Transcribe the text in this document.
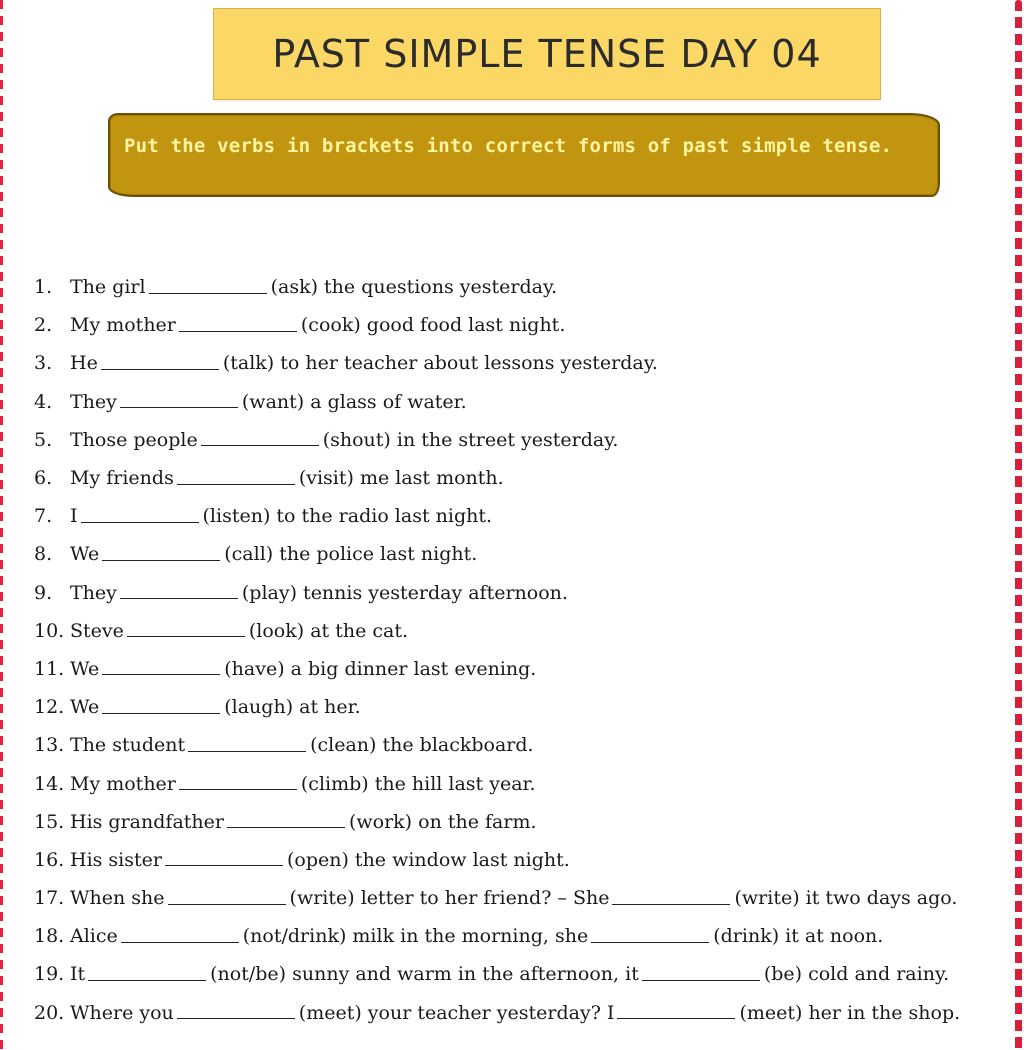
PAST SIMPLE TENSE DAY 04
Put the verbs in brackets into correct forms of past simple tense.
1. The girl	(ask) the questions yesterday.
2. My mother	(cook) good food last night.
3. He	(talk) to her teacher about lessons yesterday.
4. They	(want) a glass of water.
5. Those people	(shout) in the street yesterday.
6. My friends	(visit) me last month.
7. I	(listen) to the radio last night.
8. We	(call) the police last night.
9. They	(play) tennis yesterday afternoon.
10. Steve	(look) at the cat.
11. We	(have) a big dinner last evening.
12. We	(laugh) at her.
13. The student	(clean) the blackboard.
14. My mother	(climb) the hill last year.
15. His grandfather	(work) on the farm.
16. His sister	(open) the window last night.
17. When she	(write) letter to her friend? – She	(write) it two days ago.
18. Alice	(not/drink) milk in the morning, she	(drink) it at noon.
19. It	(not/be) sunny and warm in the afternoon, it	(be) cold and rainy.
20. Where you	(meet) your teacher yesterday? I	(meet) her in the shop.
